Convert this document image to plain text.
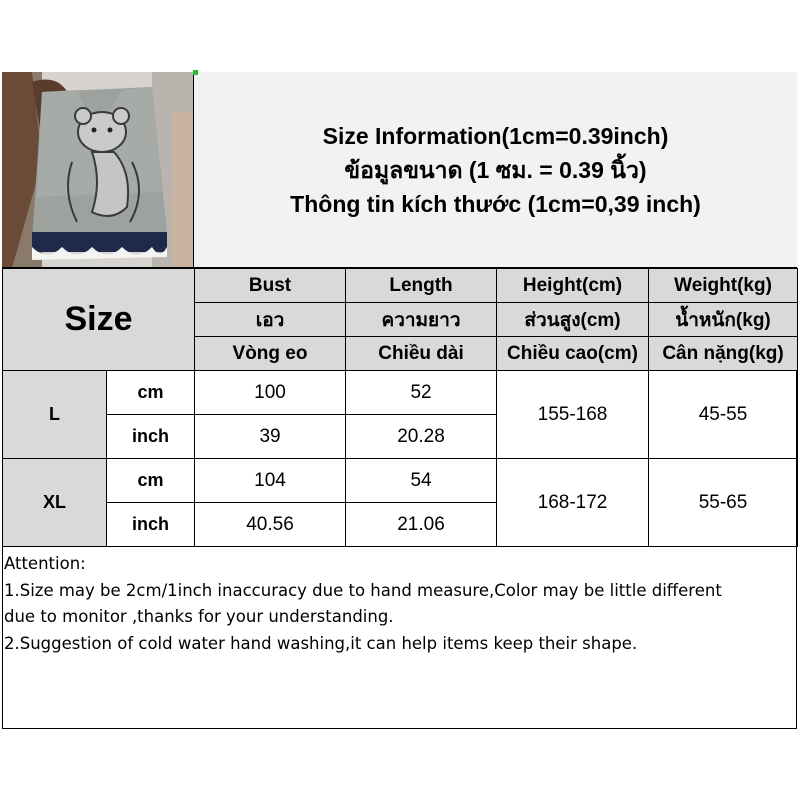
Size Information(1cm=0.39inch)
ข้อมูลขนาด (1 ซม. = 0.39 นิ้ว)
Thông tin kích thước (1cm=0,39 inch)
Size		Bust	Length	Height(cm)	Weight(kg)
		เอว	ความยาว	ส่วนสูง(cm)	น้ำหนัก(kg)
		Vòng eo	Chiều dài	Chiều cao(cm)	Cân nặng(kg)
L	cm	100	52	155-168	45-55
	inch	39	20.28		
XL	cm	104	54	168-172	55-65
	inch	40.56	21.06		
Attention:
1.Size may be 2cm/1inch inaccuracy due to hand measure,Color may be little different
due to monitor ,thanks for your understanding.
2.Suggestion of cold water hand washing,it can help items keep their shape.
